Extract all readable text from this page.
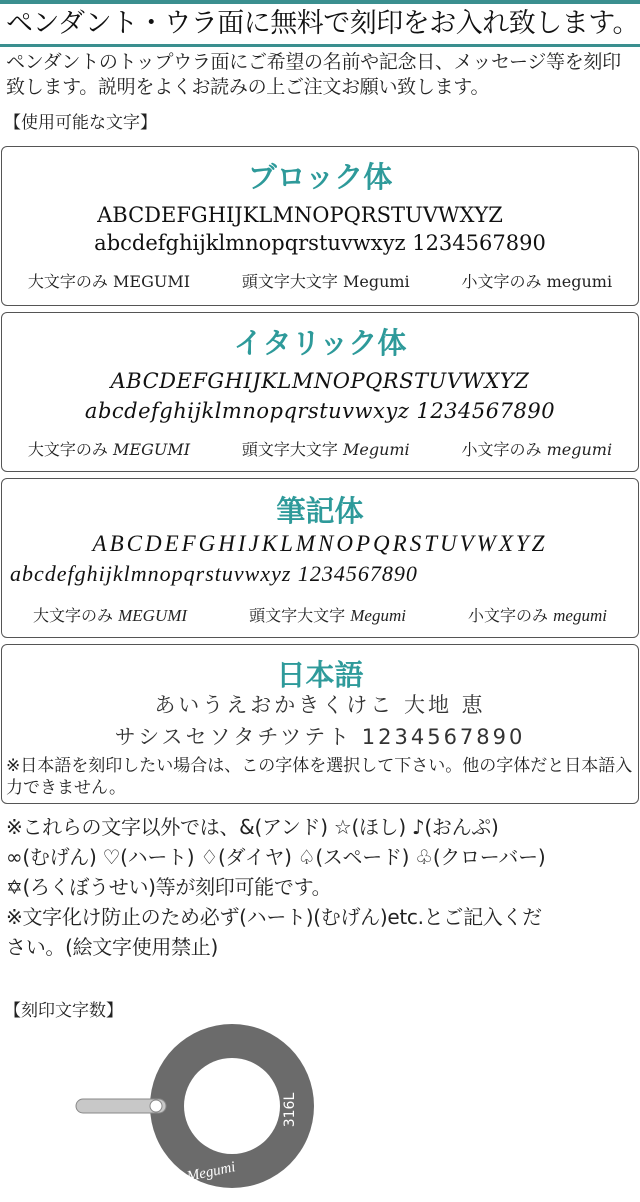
ペンダント・ウラ面に無料で刻印をお入れ致します。
ペンダントのトップウラ面にご希望の名前や記念日、メッセージ等を刻印致します。説明をよくお読みの上ご注文お願い致します。
【使用可能な文字】
ブロック体
ABCDEFGHIJKLMNOPQRSTUVWXYZ
abcdefghijklmnopqrstuvwxyz 1234567890
大文字のみ MEGUMI	頭文字大文字 Megumi	小文字のみ megumi
イタリック体
ABCDEFGHIJKLMNOPQRSTUVWXYZ
abcdefghijklmnopqrstuvwxyz 1234567890
大文字のみ MEGUMI	頭文字大文字 Megumi	小文字のみ megumi
筆記体
ABCDEFGHIJKLMNOPQRSTUVWXYZ
abcdefghijklmnopqrstuvwxyz 1234567890
大文字のみ MEGUMI	頭文字大文字 Megumi	小文字のみ megumi
日本語
あいうえおかきくけこ 大地 恵
サシスセソタチツテト 1234567890
※日本語を刻印したい場合は、この字体を選択して下さい。他の字体だと日本語入力できません。
※これらの文字以外では、&(アンド) ☆(ほし) ♪(おんぷ)
∞(むげん) ♡(ハート) ♢(ダイヤ) ♤(スペード) ♧(クローバー)
✡(ろくぼうせい)等が刻印可能です。
※文字化け防止のため必ず(ハート)(むげん)etc.とご記入くだ
さい。(絵文字使用禁止)
【刻印文字数】
316L
Megumi
